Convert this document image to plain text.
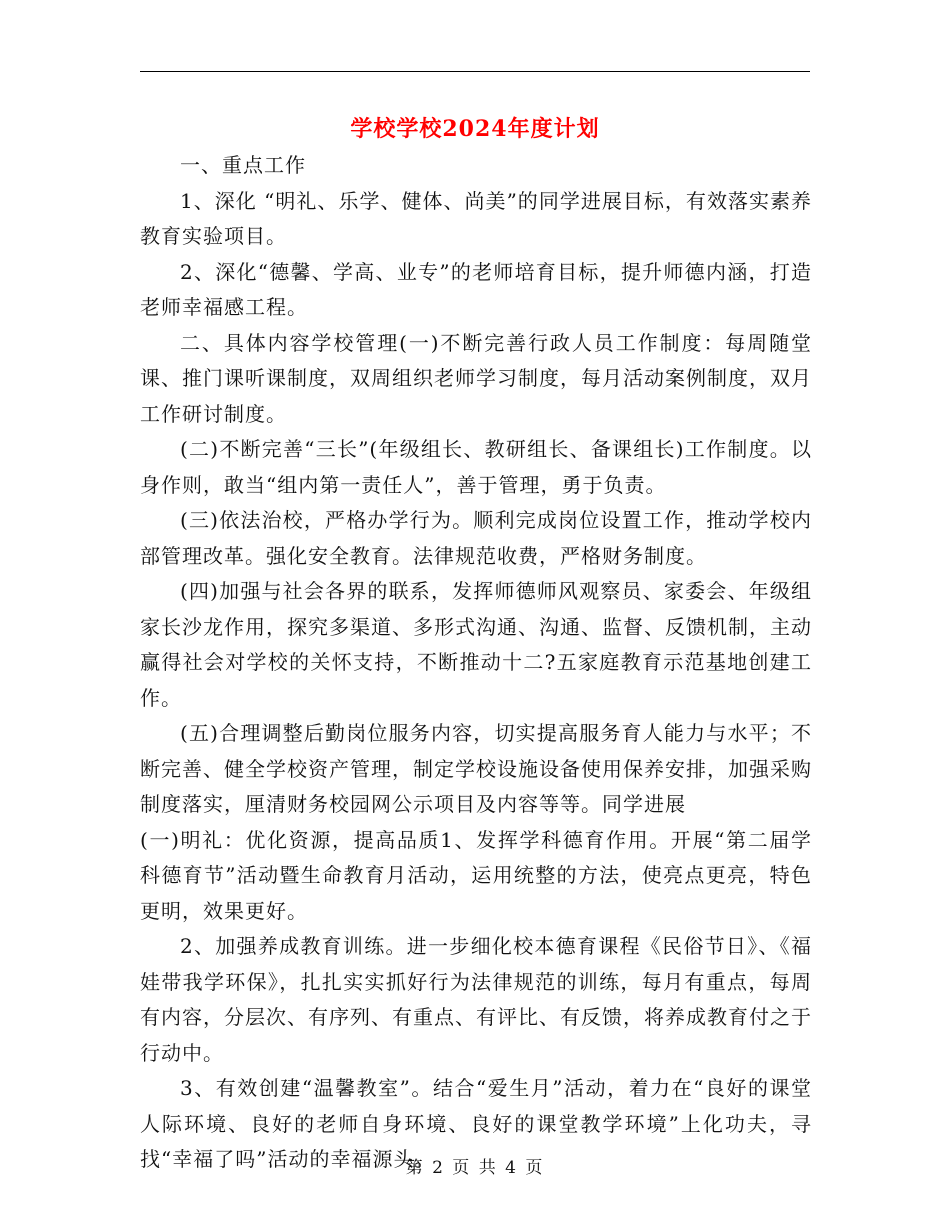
学校学校2024年度计划

一、重点工作

1、深化 “明礼、乐学、健体、尚美”的同学进展目标，有效落实素养教育实验项目。

2、深化“德馨、学高、业专”的老师培育目标，提升师德内涵，打造老师幸福感工程。

二、具体内容学校管理(一)不断完善行政人员工作制度：每周随堂课、推门课听课制度，双周组织老师学习制度，每月活动案例制度，双月工作研讨制度。

(二)不断完善“三长”(年级组长、教研组长、备课组长)工作制度。以身作则，敢当“组内第一责任人”，善于管理，勇于负责。

(三)依法治校，严格办学行为。顺利完成岗位设置工作，推动学校内部管理改革。强化安全教育。法律规范收费，严格财务制度。

(四)加强与社会各界的联系，发挥师德师风观察员、家委会、年级组家长沙龙作用，探究多渠道、多形式沟通、沟通、监督、反馈机制，主动赢得社会对学校的关怀支持，不断推动十二?五家庭教育示范基地创建工作。

(五)合理调整后勤岗位服务内容，切实提高服务育人能力与水平；不断完善、健全学校资产管理，制定学校设施设备使用保养安排，加强采购制度落实，厘清财务校园网公示项目及内容等等。同学进展

(一)明礼：优化资源，提高品质1、发挥学科德育作用。开展“第二届学科德育节”活动暨生命教育月活动，运用统整的方法，使亮点更亮，特色更明，效果更好。

2、加强养成教育训练。进一步细化校本德育课程《民俗节日》、《福娃带我学环保》，扎扎实实抓好行为法律规范的训练，每月有重点，每周有内容，分层次、有序列、有重点、有评比、有反馈，将养成教育付之于行动中。

3、有效创建“温馨教室”。结合“爱生月”活动，着力在“良好的课堂人际环境、良好的老师自身环境、良好的课堂教学环境”上化功夫，寻找“幸福了吗”活动的幸福源头。

第 2 页 共 4 页
